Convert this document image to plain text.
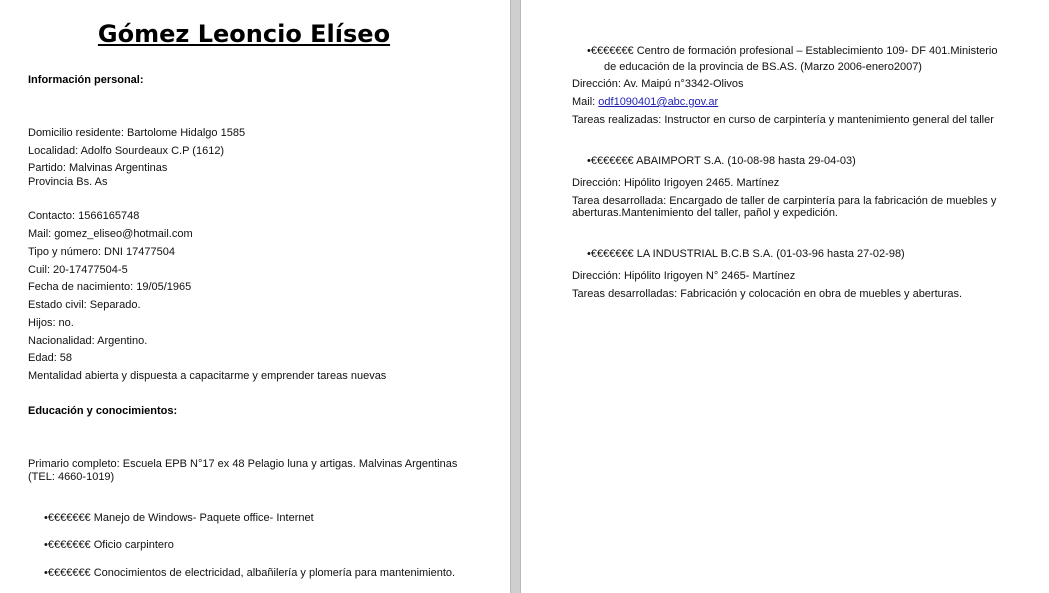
Gómez Leoncio Elíseo
Información personal:
Domicilio residente: Bartolome Hidalgo 1585
Localidad: Adolfo Sourdeaux C.P (1612)
Partido: Malvinas Argentinas
Provincia Bs. As
Contacto: 1566165748
Mail: gomez_eliseo@hotmail.com
Tipo y número: DNI 17477504
Cuil: 20-17477504-5
Fecha de nacimiento: 19/05/1965
Estado civil: Separado.
Hijos: no.
Nacionalidad: Argentino.
Edad: 58
Mentalidad abierta y dispuesta a capacitarme y emprender tareas nuevas
Educación y conocimientos:
Primario completo: Escuela EPB N°17 ex 48 Pelagio luna y artigas. Malvinas Argentinas
(TEL: 4660-1019)
•€€€€€€€ Manejo de Windows- Paquete office- Internet
•€€€€€€€ Oficio carpintero
•€€€€€€€ Conocimientos de electricidad, albañilería y plomería para mantenimiento.
•€€€€€€€ Centro de formación profesional – Establecimiento 109- DF 401.Ministerio
de educación de la provincia de BS.AS. (Marzo 2006-enero2007)
Dirección: Av. Maipú n°3342-Olivos
Mail: odf1090401@abc.gov.ar
Tareas realizadas: Instructor en curso de carpintería y mantenimiento general del taller
•€€€€€€€ ABAIMPORT S.A. (10-08-98 hasta 29-04-03)
Dirección: Hipólito Irigoyen 2465. Martínez
Tarea desarrollada: Encargado de taller de carpintería para la fabricación de muebles y
aberturas.Mantenimiento del taller, pañol y expedición.
•€€€€€€€ LA INDUSTRIAL B.C.B S.A. (01-03-96 hasta 27-02-98)
Dirección: Hipólito Irigoyen N° 2465- Martínez
Tareas desarrolladas: Fabricación y colocación en obra de muebles y aberturas.
